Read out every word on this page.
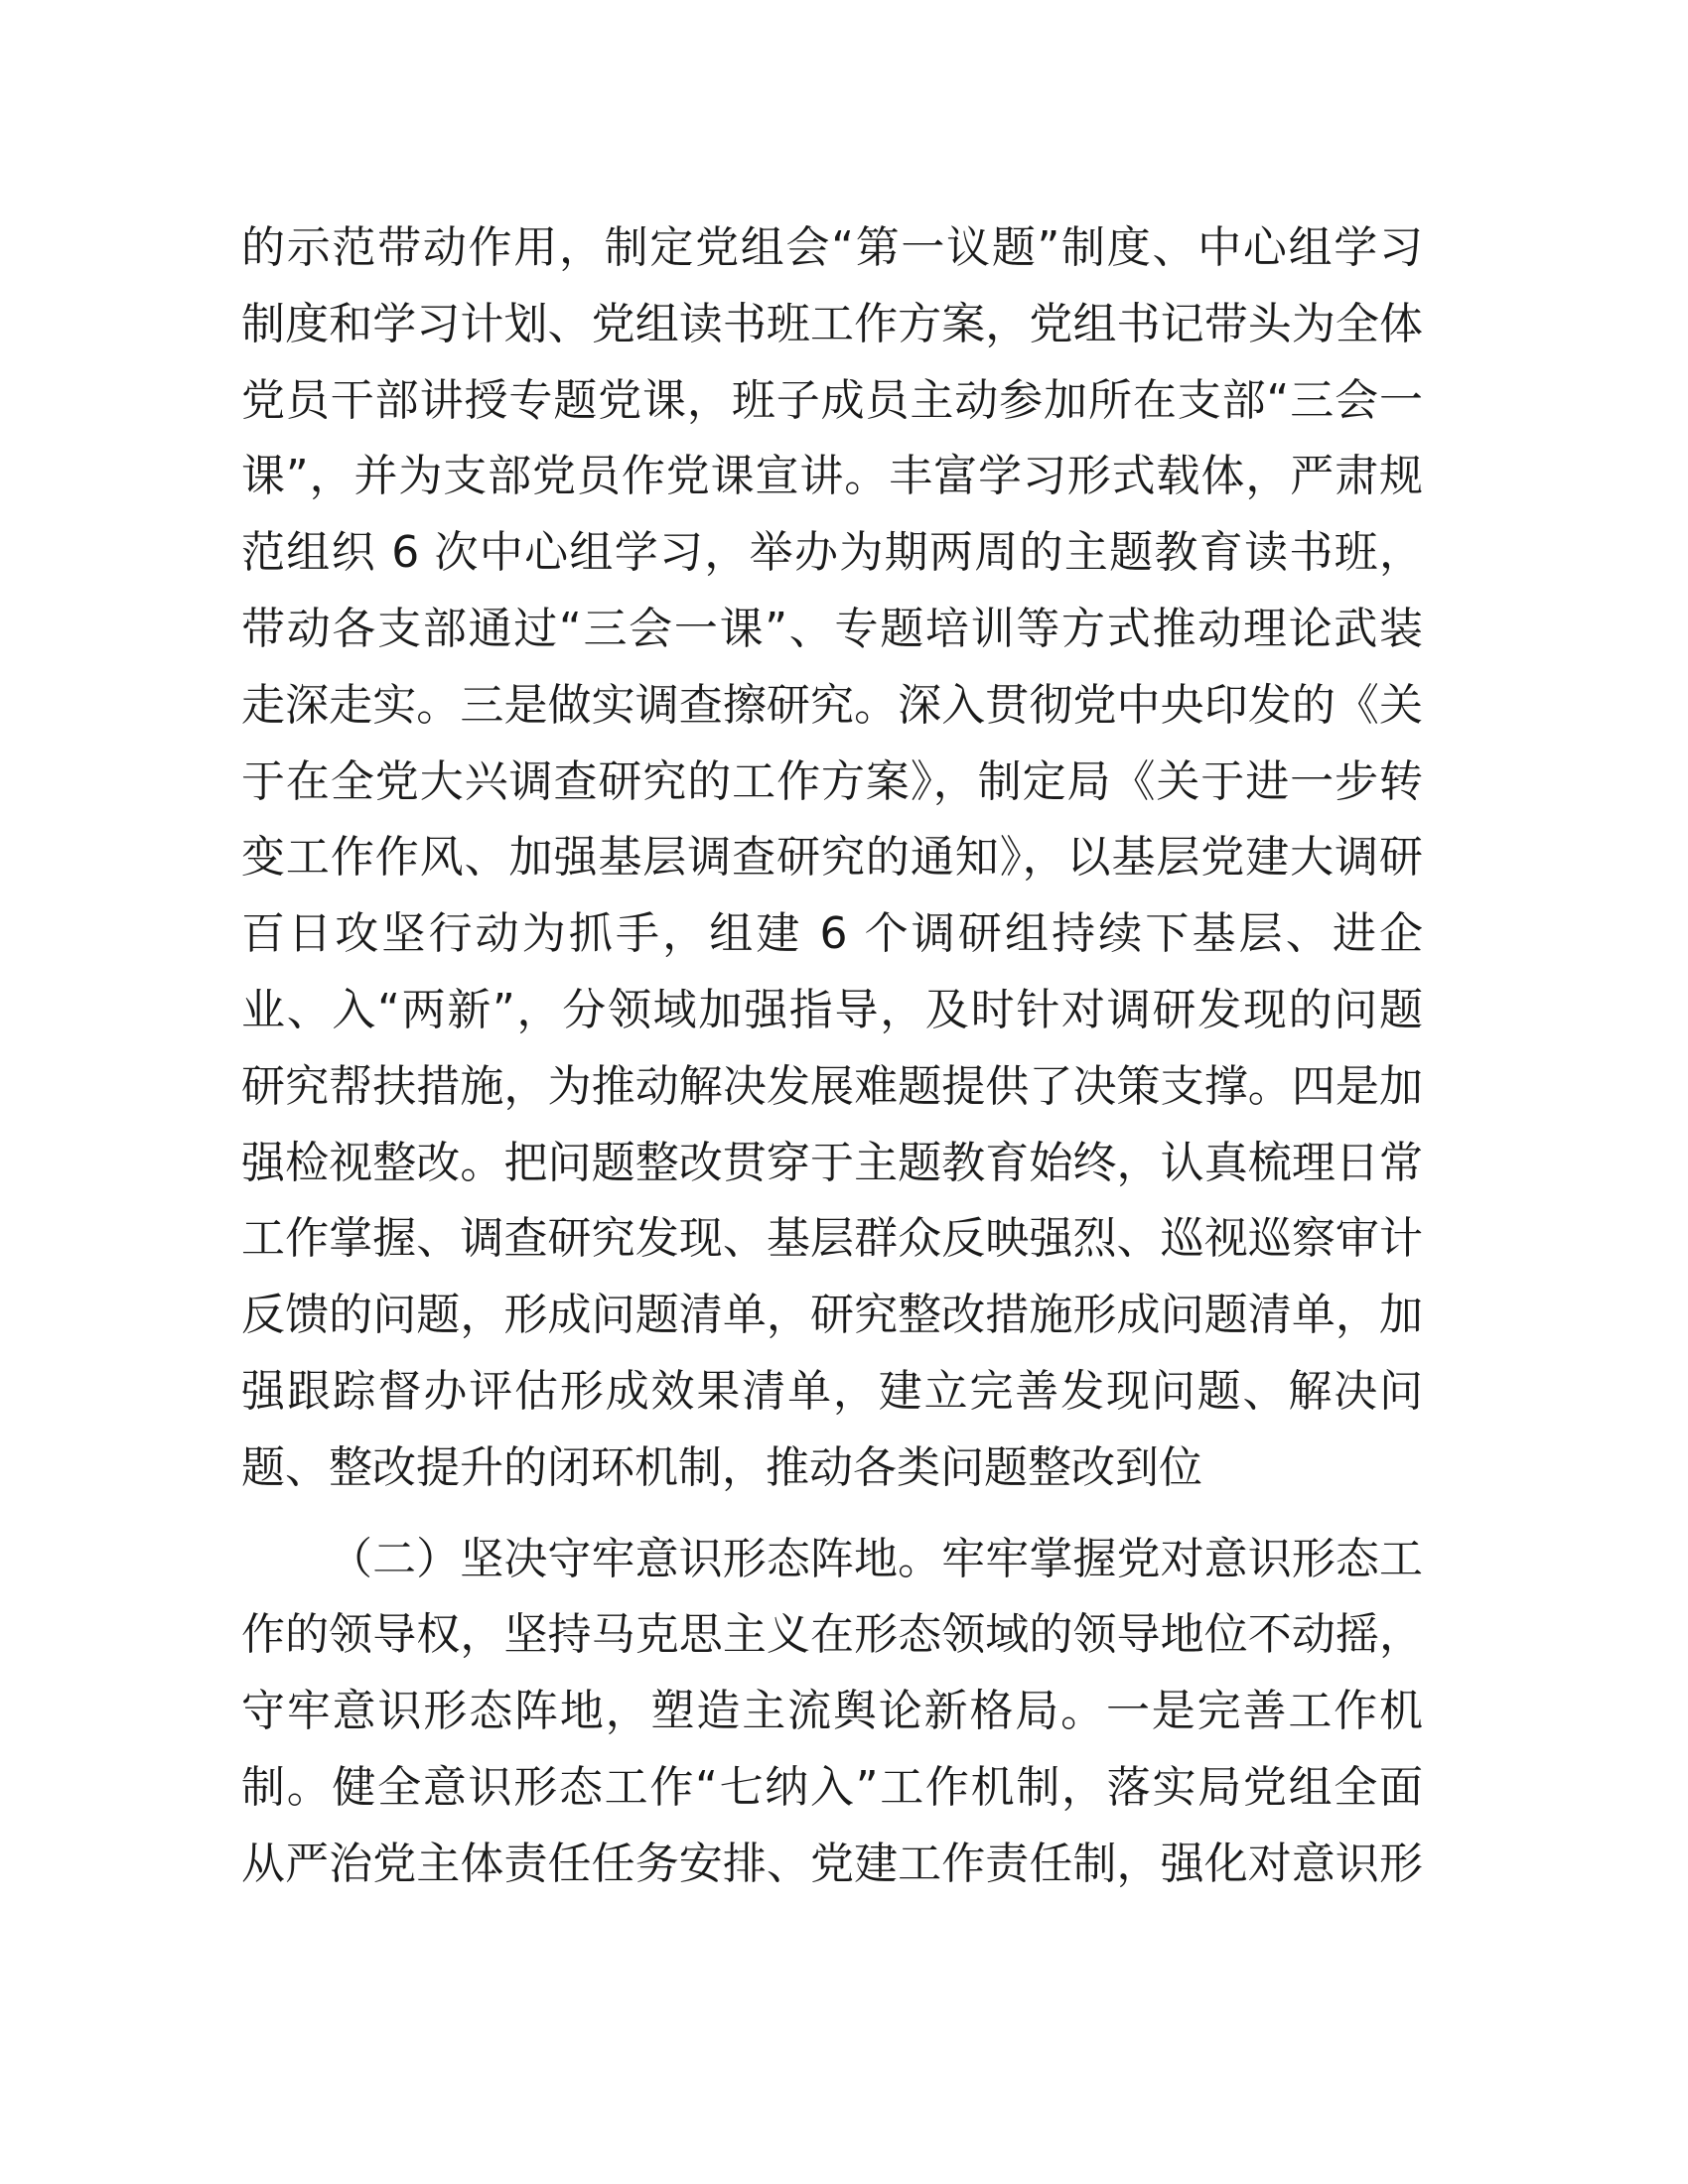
的示范带动作用，制定党组会“第一议题”制度、中心组学习
制度和学习计划、党组读书班工作方案，党组书记带头为全体
党员干部讲授专题党课，班子成员主动参加所在支部“三会一
课”，并为支部党员作党课宣讲。丰富学习形式载体，严肃规
范组织 6 次中心组学习，举办为期两周的主题教育读书班，
带动各支部通过“三会一课”、专题培训等方式推动理论武装
走深走实。三是做实调查擦研究。深入贯彻党中央印发的《关
于在全党大兴调查研究的工作方案》，制定局《关于进一步转
变工作作风、加强基层调查研究的通知》，以基层党建大调研
百日攻坚行动为抓手，组建 6 个调研组持续下基层、进企
业、入“两新”，分领域加强指导，及时针对调研发现的问题
研究帮扶措施，为推动解决发展难题提供了决策支撑。四是加
强检视整改。把问题整改贯穿于主题教育始终，认真梳理日常
工作掌握、调查研究发现、基层群众反映强烈、巡视巡察审计
反馈的问题，形成问题清单，研究整改措施形成问题清单，加
强跟踪督办评估形成效果清单，建立完善发现问题、解决问
题、整改提升的闭环机制，推动各类问题整改到位
（二）坚决守牢意识形态阵地。牢牢掌握党对意识形态工
作的领导权，坚持马克思主义在形态领域的领导地位不动摇，
守牢意识形态阵地，塑造主流舆论新格局。一是完善工作机
制。健全意识形态工作“七纳入”工作机制，落实局党组全面
从严治党主体责任任务安排、党建工作责任制，强化对意识形
